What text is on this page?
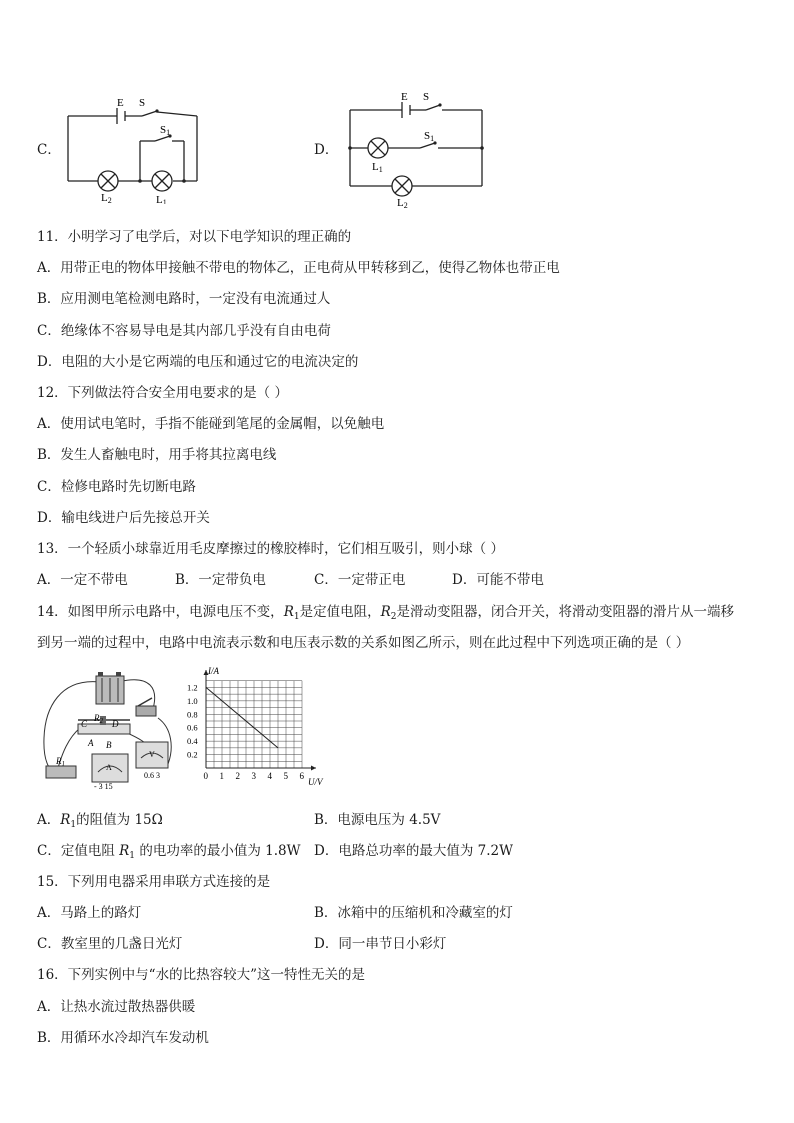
C．
E S
S1
L2	L1
D．
E S
S1
L1
L2
11．小明学习了电学后，对以下电学知识的理正确的
A．用带正电的物体甲接触不带电的物体乙，正电荷从甲转移到乙，使得乙物体也带正电
B．应用测电笔检测电路时，一定没有电流通过人
C．绝缘体不容易导电是其内部几乎没有自由电荷
D．电阻的大小是它两端的电压和通过它的电流决定的
12．下列做法符合安全用电要求的是（ ）
A．使用试电笔时，手指不能碰到笔尾的金属帽，以免触电
B．发生人畜触电时，用手将其拉离电线
C．检修电路时先切断电路
D．输电线进户后先接总开关
13．一个轻质小球靠近用毛皮摩擦过的橡胶棒时，它们相互吸引，则小球（ ）
A．一定不带电	B．一定带负电	C．一定带正电	D．可能不带电
14．如图甲所示电路中，电源电压不变，$R_1$是定值电阻，$R_2$是滑动变阻器，闭合开关，将滑动变阻器的滑片从一端移
到另一端的过程中，电路中电流表示数和电压表示数的关系如图乙所示，则在此过程中下列选项正确的是（ ）
C
$R_2$ D
A B
$R_1$	A
V
- 3 15
0.6 3	0 1 2 3 4 5 6
0.2
0.4
0.6
0.8
1.0
1.2
I/A
U/V
A．$R_1$的阻值为 15Ω	B．电源电压为 4.5V
C．定值电阻 $R_1$ 的电功率的最小值为 1.8W D．电路总功率的最大值为 7.2W
15．下列用电器采用串联方式连接的是
A．马路上的路灯	B．冰箱中的压缩机和冷藏室的灯
C．教室里的几盏日光灯	D．同一串节日小彩灯
16．下列实例中与“水的比热容较大”这一特性无关的是
A．让热水流过散热器供暖
B．用循环水冷却汽车发动机
